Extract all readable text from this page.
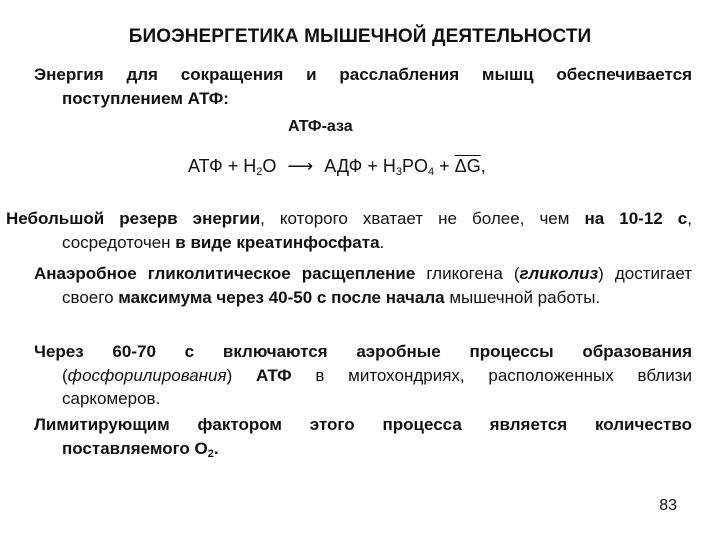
БИОЭНЕРГЕТИКА МЫШЕЧНОЙ ДЕЯТЕЛЬНОСТИ
Энергия для сокращения и расслабления мышц обеспечивается поступлением АТФ:
АТФ-аза
АТФ + $H_2O$ ⟶ АДФ + $H_3PO_4 + \overline{\Delta G}$,
Небольшой резерв энергии, которого хватает не более, чем на 10-12 с, сосредоточен в виде креатинфосфата.
Анаэробное гликолитическое расщепление гликогена (гликолиз) достигает своего максимума через 40-50 с после начала мышечной работы.
Через 60-70 с включаются аэробные процессы образования (фосфорилирования) АТФ в митохондриях, расположенных вблизи саркомеров.
Лимитирующим фактором этого процесса является количество поставляемого $О_2$.
83
